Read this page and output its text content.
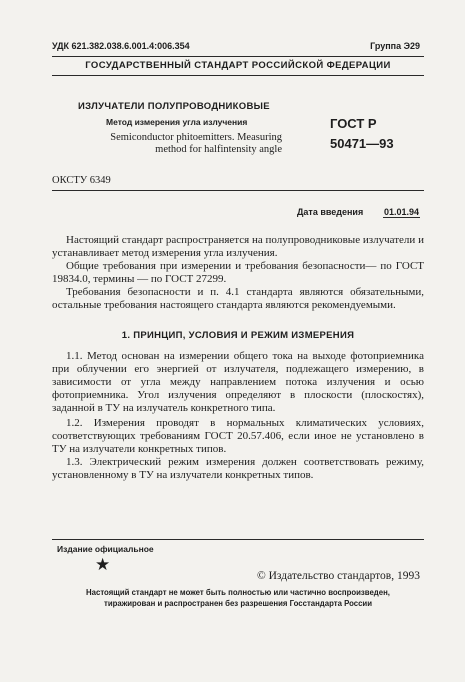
УДК 621.382.038.6.001.4:006.354	Группа Э29
ГОСУДАРСТВЕННЫЙ СТАНДАРТ РОССИЙСКОЙ ФЕДЕРАЦИИ
ИЗЛУЧАТЕЛИ ПОЛУПРОВОДНИКОВЫЕ
Метод измерения угла излучения
Semiconductor phitoemitters. Measuring
method for halfintensity angle
ГОСТ Р
50471—93
ОКСТУ 6349
Дата введения 01.01.94
Настоящий стандарт распространяется на полупроводниковые излучатели и устанавливает метод измерения угла излучения.
Общие требования при измерении и требования безопасности— по ГОСТ 19834.0, термины — по ГОСТ 27299.
Требования безопасности и п. 4.1 стандарта являются обязательными, остальные требования настоящего стандарта являются рекомендуемыми.
1. ПРИНЦИП, УСЛОВИЯ И РЕЖИМ ИЗМЕРЕНИЯ
1.1. Метод основан на измерении общего тока на выходе фотоприемника при облучении его энергией от излучателя, подлежащего измерению, в зависимости от угла между направлением потока излучения и осью фотоприемника. Угол излучения определяют в плоскости (плоскостях), заданной в ТУ на излучатель конкретного типа.
1.2. Измерения проводят в нормальных климатических условиях, соответствующих требованиям ГОСТ 20.57.406, если иное не установлено в ТУ на излучатели конкретных типов.
1.3. Электрический режим измерения должен соответствовать режиму, установленному в ТУ на излучатели конкретных типов.
Издание официальное
★
© Издательство стандартов, 1993
Настоящий стандарт не может быть полностью или частично воспроизведен,
тиражирован и распространен без разрешения Госстандарта России
